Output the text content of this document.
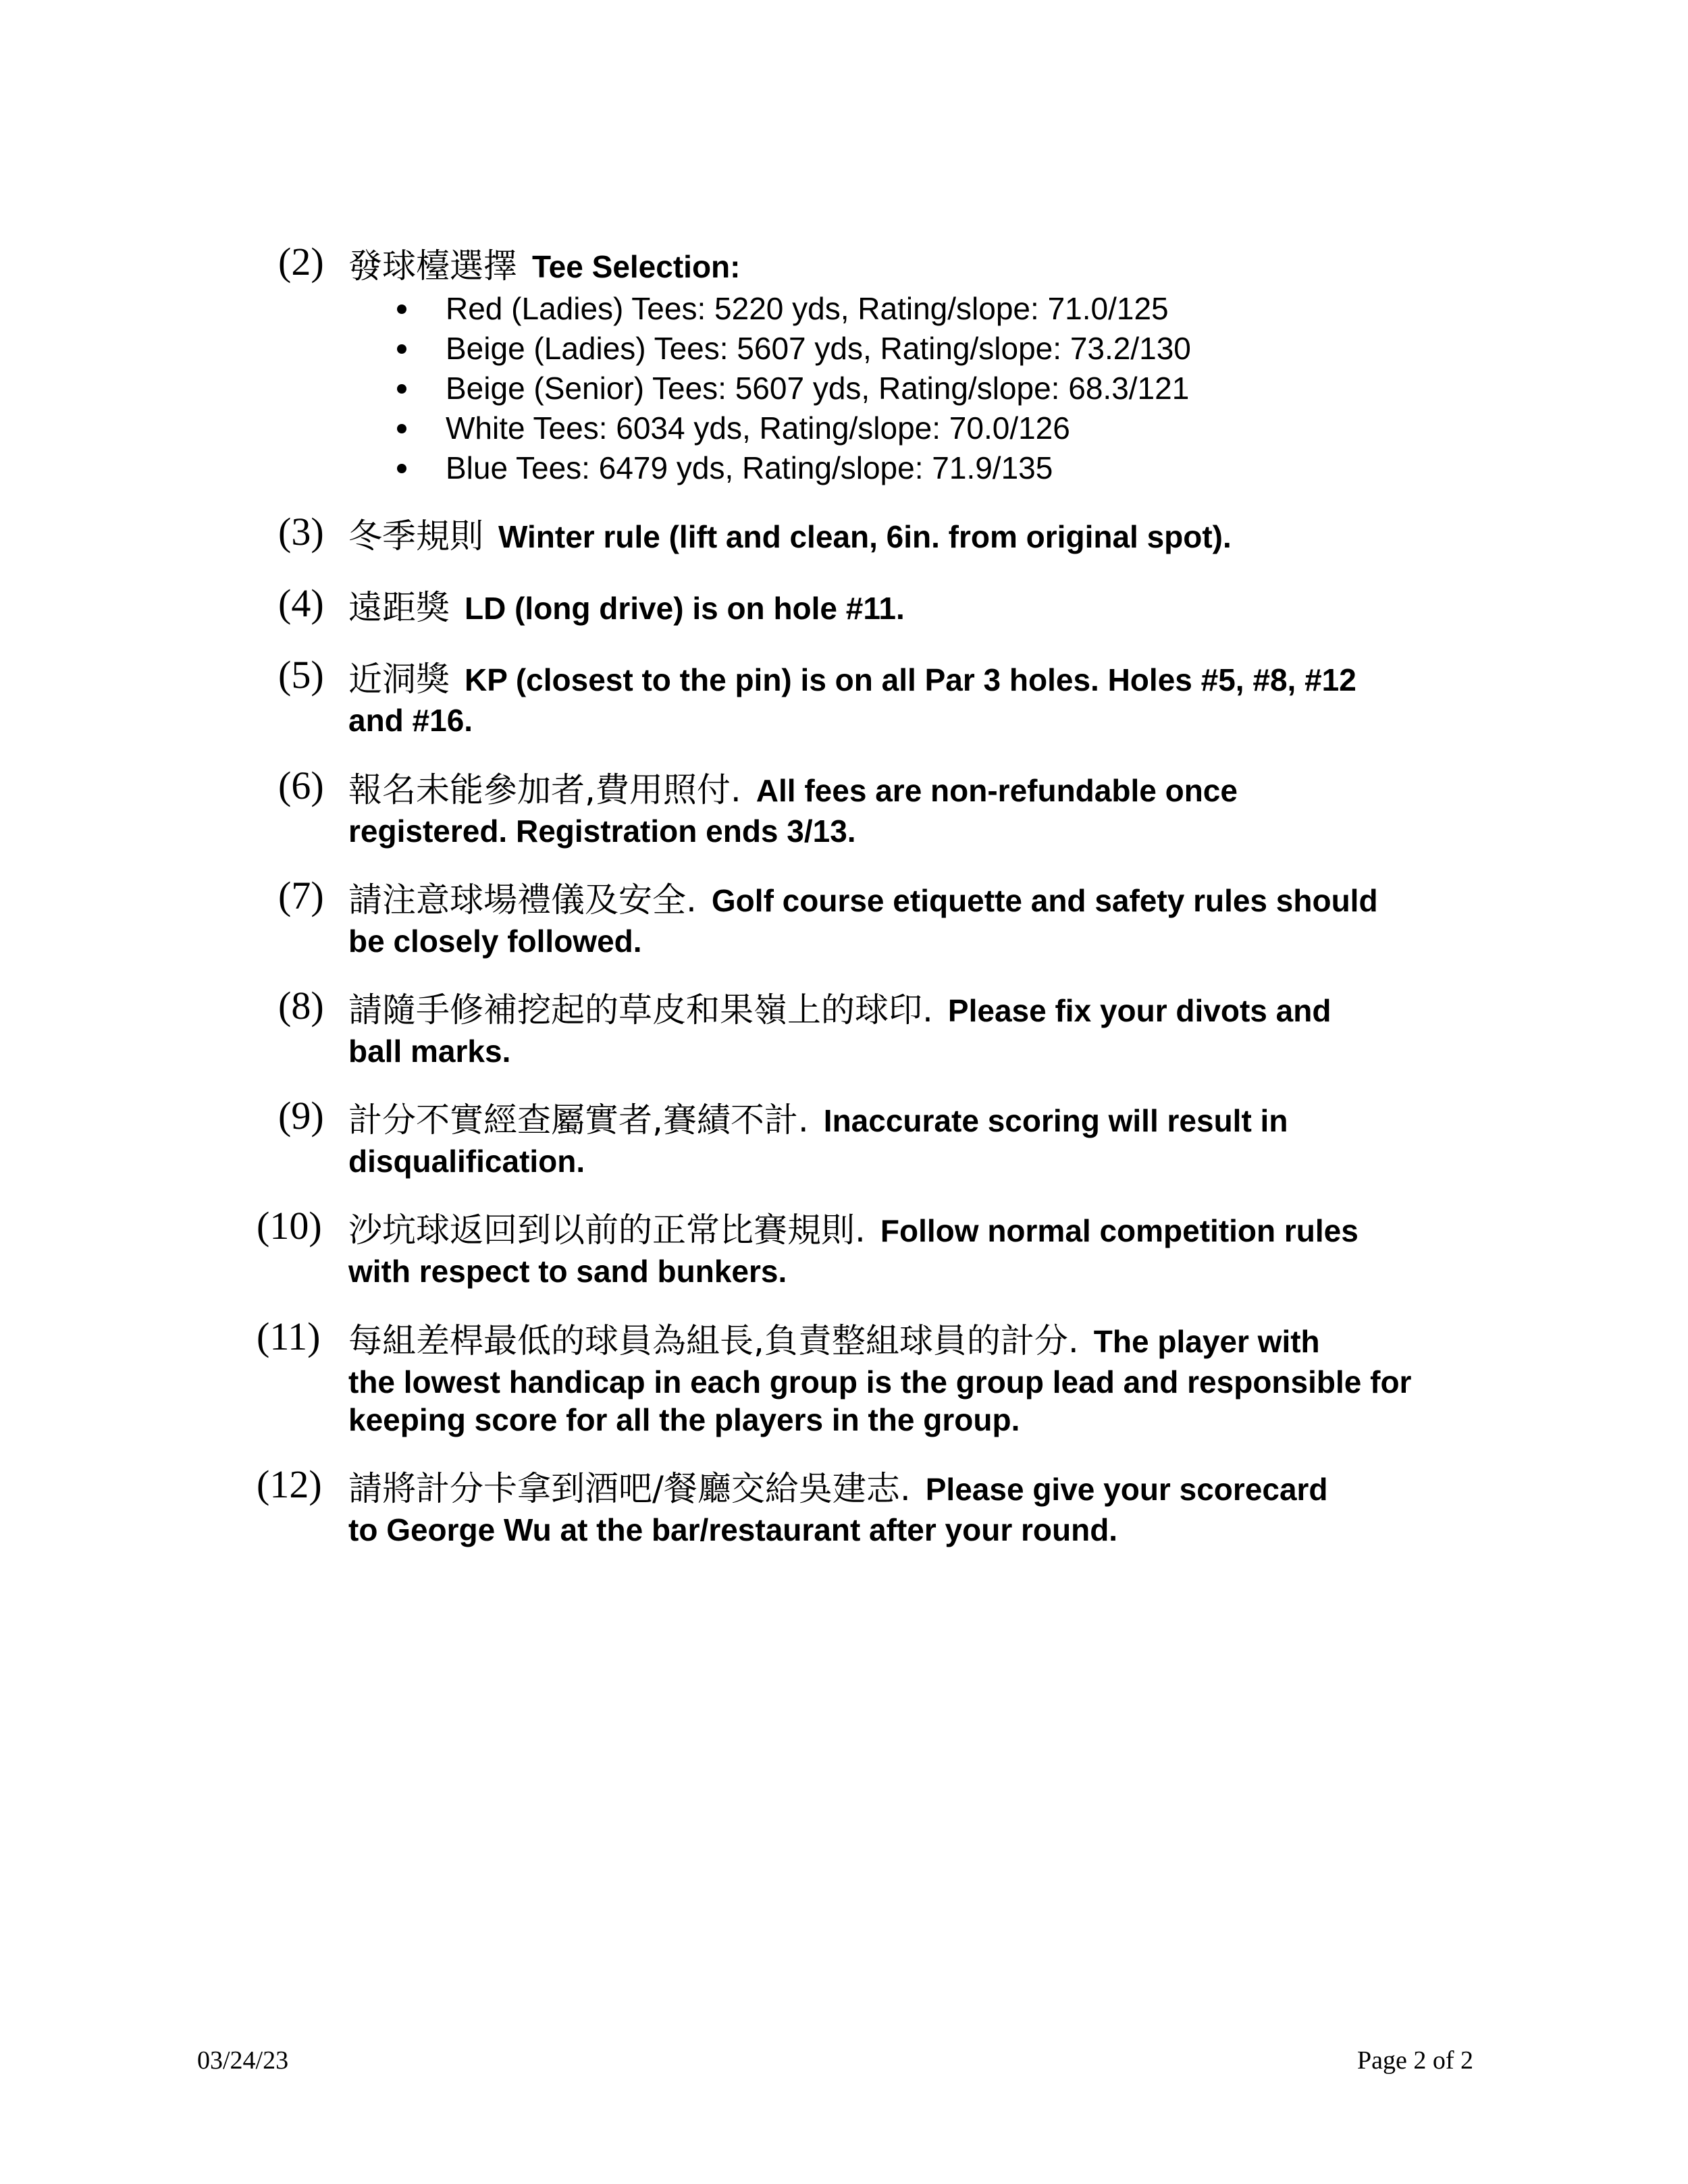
(2) 發球檯選擇 Tee Selection:
Red (Ladies) Tees: 5220 yds, Rating/slope: 71.0/125
Beige (Ladies) Tees: 5607 yds, Rating/slope: 73.2/130
Beige (Senior) Tees: 5607 yds, Rating/slope: 68.3/121
White Tees: 6034 yds, Rating/slope: 70.0/126
Blue Tees: 6479 yds, Rating/slope: 71.9/135
(3) 冬季規則 Winter rule (lift and clean, 6in. from original spot).
(4) 遠距獎 LD (long drive) is on hole #11.
(5) 近洞獎 KP (closest to the pin) is on all Par 3 holes. Holes #5, #8, #12
and #16.
(6) 報名未能參加者,費用照付. All fees are non-refundable once
registered. Registration ends 3/13.
(7) 請注意球場禮儀及安全. Golf course etiquette and safety rules should
be closely followed.
(8) 請隨手修補挖起的草皮和果嶺上的球印. Please fix your divots and
ball marks.
(9) 計分不實經查屬實者,賽績不計. Inaccurate scoring will result in
disqualification.
(10) 沙坑球返回到以前的正常比賽規則. Follow normal competition rules
with respect to sand bunkers.
(11) 每組差桿最低的球員為組長,負責整組球員的計分. The player with
the lowest handicap in each group is the group lead and responsible for
keeping score for all the players in the group.
(12) 請將計分卡拿到酒吧/餐廳交給吳建志. Please give your scorecard
to George Wu at the bar/restaurant after your round.
03/24/23	Page 2 of 2
